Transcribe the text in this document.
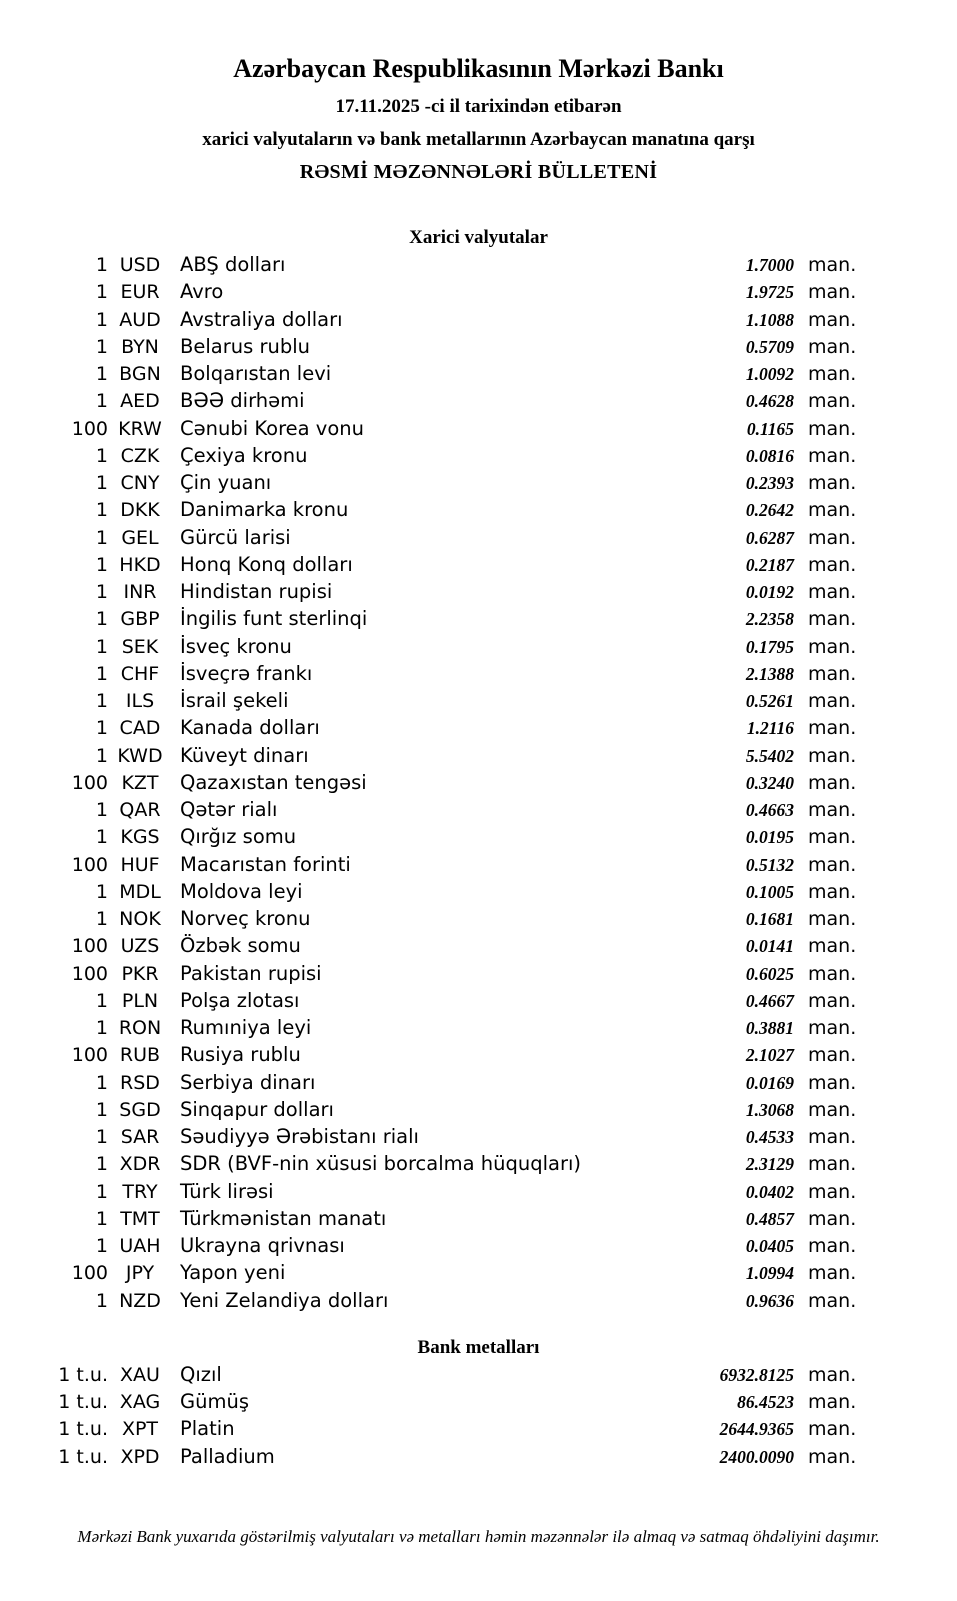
Azərbaycan Respublikasının Mərkəzi Bankı
17.11.2025 -ci il tarixindən etibarən
xarici valyutaların və bank metallarının Azərbaycan manatına qarşı
RƏSMİ MƏZƏNNƏLƏRİ BÜLLETENİ
Xarici valyutalar
1 USD	ABŞ dolları	1.7000 man.
1 EUR	Avro	1.9725 man.
1 AUD Avstraliya dolları	1.1088 man.
1 BYN	Belarus rublu	0.5709 man.
1 BGN Bolqarıstan levi	1.0092 man.
1 AED	BƏƏ dirhəmi	0.4628 man.
100 KRW Cənubi Korea vonu	0.1165 man.
1 CZK	Çexiya kronu	0.0816 man.
1 CNY	Çin yuanı	0.2393 man.
1 DKK	Danimarka kronu	0.2642 man.
1 GEL	Gürcü larisi	0.6287 man.
1 HKD Honq Konq dolları	0.2187 man.
1 INR	Hindistan rupisi	0.0192 man.
1 GBP	İngilis funt sterlinqi	2.2358 man.
1 SEK	İsveç kronu	0.1795 man.
1 CHF	İsveçrə frankı	2.1388 man.
1 ILS	İsrail şekeli	0.5261 man.
1 CAD	Kanada dolları	1.2116 man.
1 KWD Küveyt dinarı	5.5402 man.
100 KZT	Qazaxıstan tengəsi	0.3240 man.
1 QAR Qətər rialı	0.4663 man.
1 KGS	Qırğız somu	0.0195 man.
100 HUF	Macarıstan forinti	0.5132 man.
1 MDL Moldova leyi	0.1005 man.
1 NOK Norveç kronu	0.1681 man.
100 UZS	Özbək somu	0.0141 man.
100 PKR	Pakistan rupisi	0.6025 man.
1 PLN	Polşa zlotası	0.4667 man.
1 RON Rumıniya leyi	0.3881 man.
100 RUB	Rusiya rublu	2.1027 man.
1 RSD	Serbiya dinarı	0.0169 man.
1 SGD Sinqapur dolları	1.3068 man.
1 SAR	Səudiyyə Ərəbistanı rialı	0.4533 man.
1 XDR	SDR (BVF-nin xüsusi borcalma hüquqları)	2.3129 man.
1 TRY	Türk lirəsi	0.0402 man.
1 TMT	Türkmənistan manatı	0.4857 man.
1 UAH Ukrayna qrivnası	0.0405 man.
100 JPY	Yapon yeni	1.0994 man.
1 NZD Yeni Zelandiya dolları	0.9636 man.
Bank metalları
1 t.u. XAU	Qızıl	6932.8125 man.
1 t.u. XAG	Gümüş	86.4523 man.
1 t.u. XPT	Platin	2644.9365 man.
1 t.u. XPD	Palladium	2400.0090 man.
Mərkəzi Bank yuxarıda göstərilmiş valyutaları və metalları həmin məzənnələr ilə almaq və satmaq öhdəliyini daşımır.
